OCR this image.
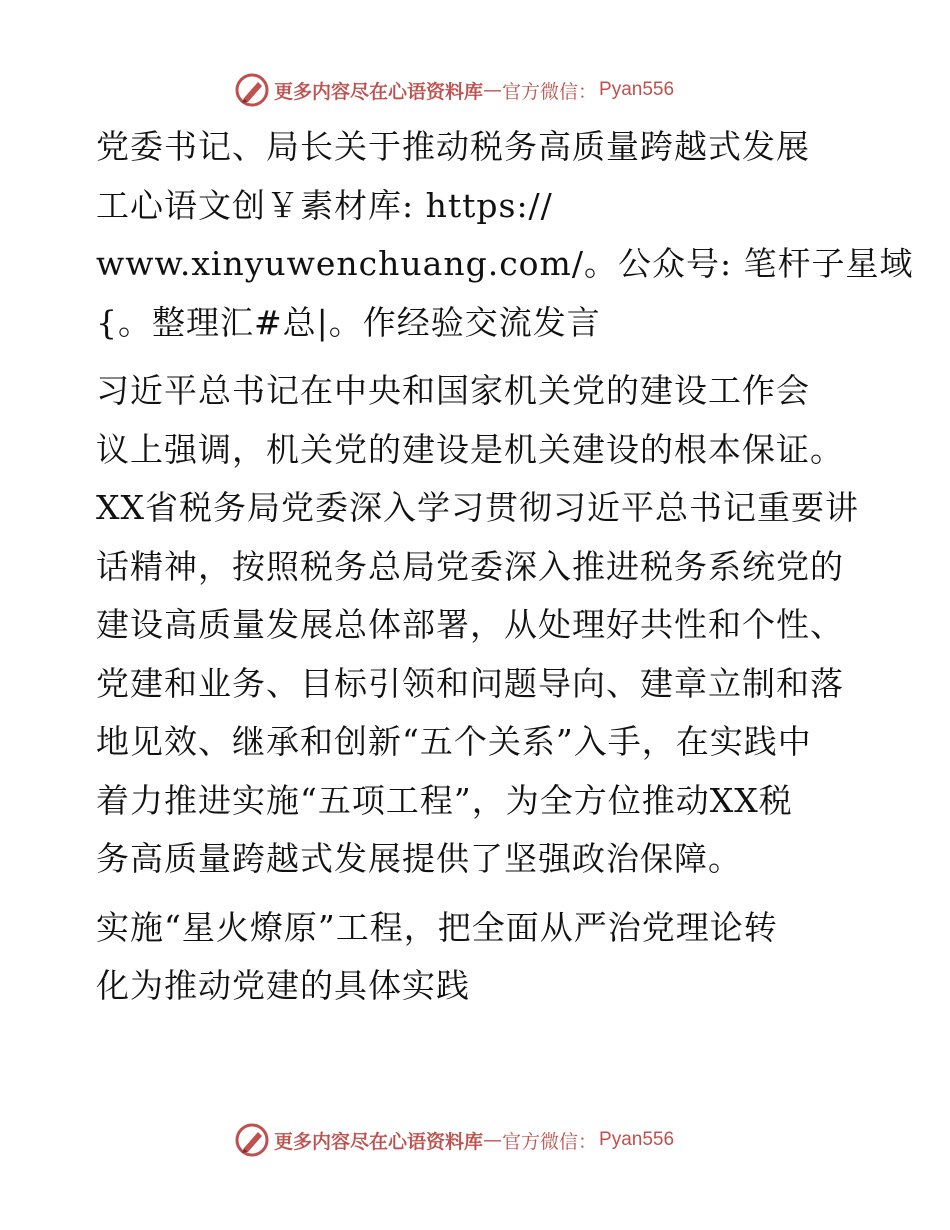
更多内容尽在心语资料库 — 官方微信： Pyan556

党委书记、局长关于推动税务高质量跨越式发展
工心语文创￥素材库: https://
www.xinyuwenchuang.com/。公众号: 笔杆子星域
{。整理汇#总|。作经验交流发言

习近平总书记在中央和国家机关党的建设工作会
议上强调，机关党的建设是机关建设的根本保证。
XX省税务局党委深入学习贯彻习近平总书记重要讲
话精神，按照税务总局党委深入推进税务系统党的
建设高质量发展总体部署，从处理好共性和个性、
党建和业务、目标引领和问题导向、建章立制和落
地见效、继承和创新“五个关系”入手，在实践中
着力推进实施“五项工程”，为全方位推动XX税
务高质量跨越式发展提供了坚强政治保障。

实施“星火燎原”工程，把全面从严治党理论转
化为推动党建的具体实践

更多内容尽在心语资料库 — 官方微信： Pyan556
